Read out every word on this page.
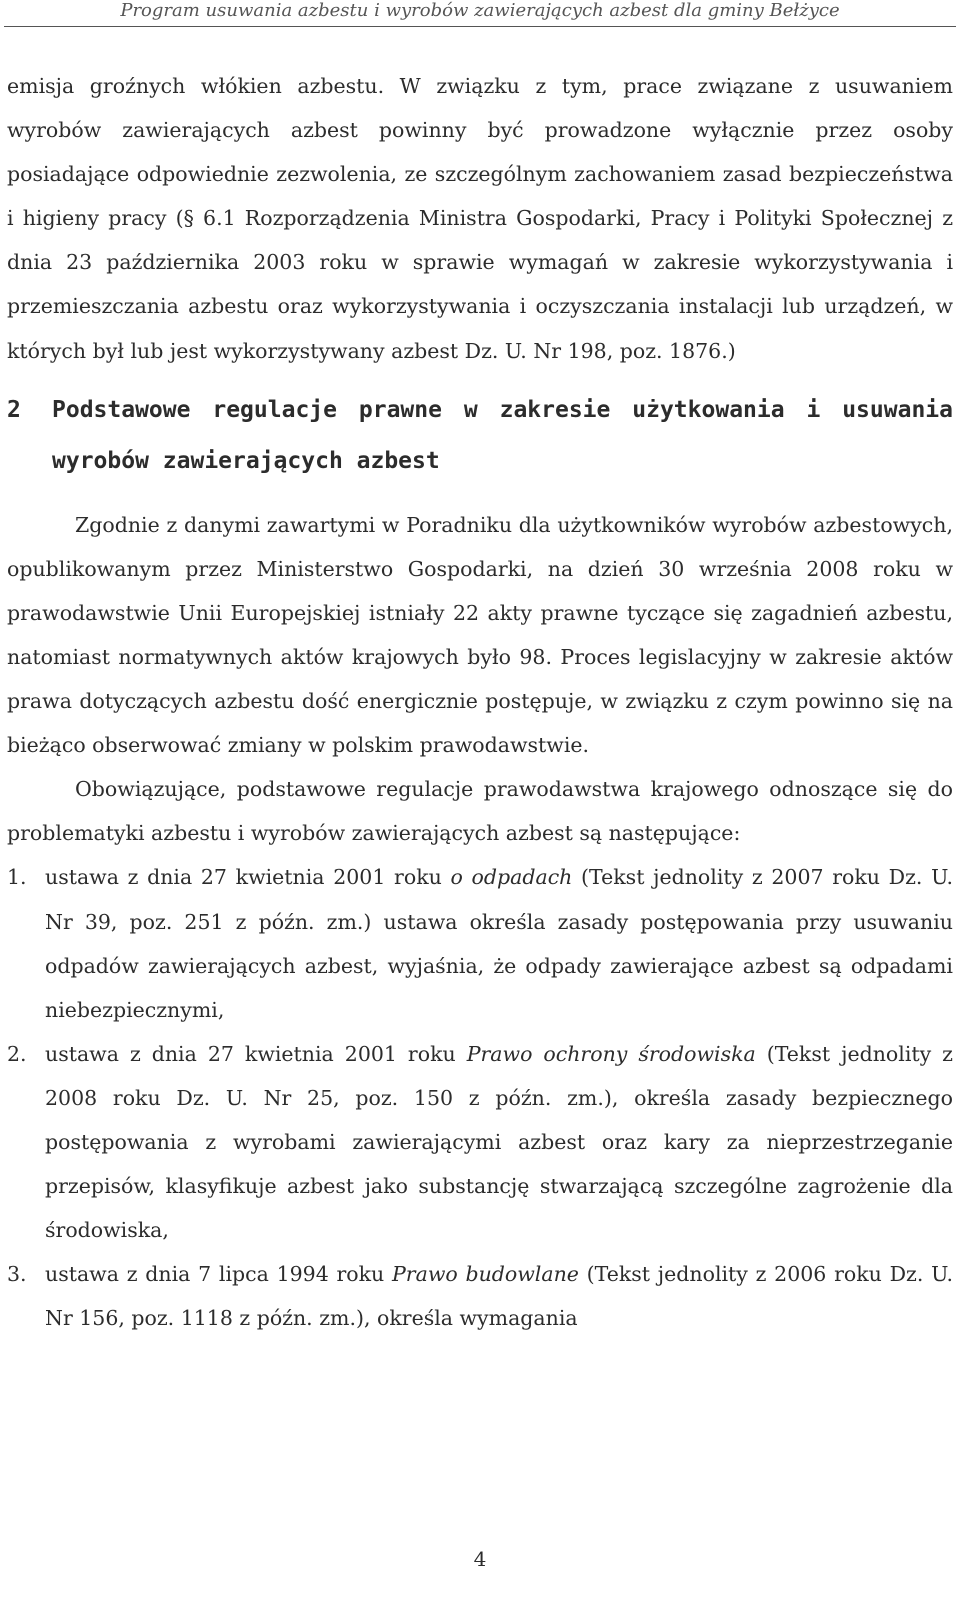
Program usuwania azbestu i wyrobów zawierających azbest dla gminy Bełżyce

emisja groźnych włókien azbestu. W związku z tym, prace związane z usuwaniem wyrobów zawierających azbest powinny być prowadzone wyłącznie przez osoby posiadające odpowiednie zezwolenia, ze szczególnym zachowaniem zasad bezpieczeństwa i higieny pracy (§ 6.1 Rozporządzenia Ministra Gospodarki, Pracy i Polityki Społecznej z dnia 23 października 2003 roku w sprawie wymagań w zakresie wykorzystywania i przemieszczania azbestu oraz wykorzystywania i oczyszczania instalacji lub urządzeń, w których był lub jest wykorzystywany azbest Dz. U. Nr 198, poz. 1876.)

2	Podstawowe regulacje prawne w zakresie użytkowania i usuwania wyrobów zawierających azbest

Zgodnie z danymi zawartymi w Poradniku dla użytkowników wyrobów azbestowych, opublikowanym przez Ministerstwo Gospodarki, na dzień 30 września 2008 roku w prawodawstwie Unii Europejskiej istniały 22 akty prawne tyczące się zagadnień azbestu, natomiast normatywnych aktów krajowych było 98. Proces legislacyjny w zakresie aktów prawa dotyczących azbestu dość energicznie postępuje, w związku z czym powinno się na bieżąco obserwować zmiany w polskim prawodawstwie.

Obowiązujące, podstawowe regulacje prawodawstwa krajowego odnoszące się do problematyki azbestu i wyrobów zawierających azbest są następujące:

1. ustawa z dnia 27 kwietnia 2001 roku o odpadach (Tekst jednolity z 2007 roku Dz. U. Nr 39, poz. 251 z późn. zm.) ustawa określa zasady postępowania przy usuwaniu odpadów zawierających azbest, wyjaśnia, że odpady zawierające azbest są odpadami niebezpiecznymi,
2. ustawa z dnia 27 kwietnia 2001 roku Prawo ochrony środowiska (Tekst jednolity z 2008 roku Dz. U. Nr 25, poz. 150 z późn. zm.), określa zasady bezpiecznego postępowania z wyrobami zawierającymi azbest oraz kary za nieprzestrzeganie przepisów, klasyfikuje azbest jako substancję stwarzającą szczególne zagrożenie dla środowiska,
3. ustawa z dnia 7 lipca 1994 roku Prawo budowlane (Tekst jednolity z 2006 roku Dz. U. Nr 156, poz. 1118 z późn. zm.), określa wymagania
4
